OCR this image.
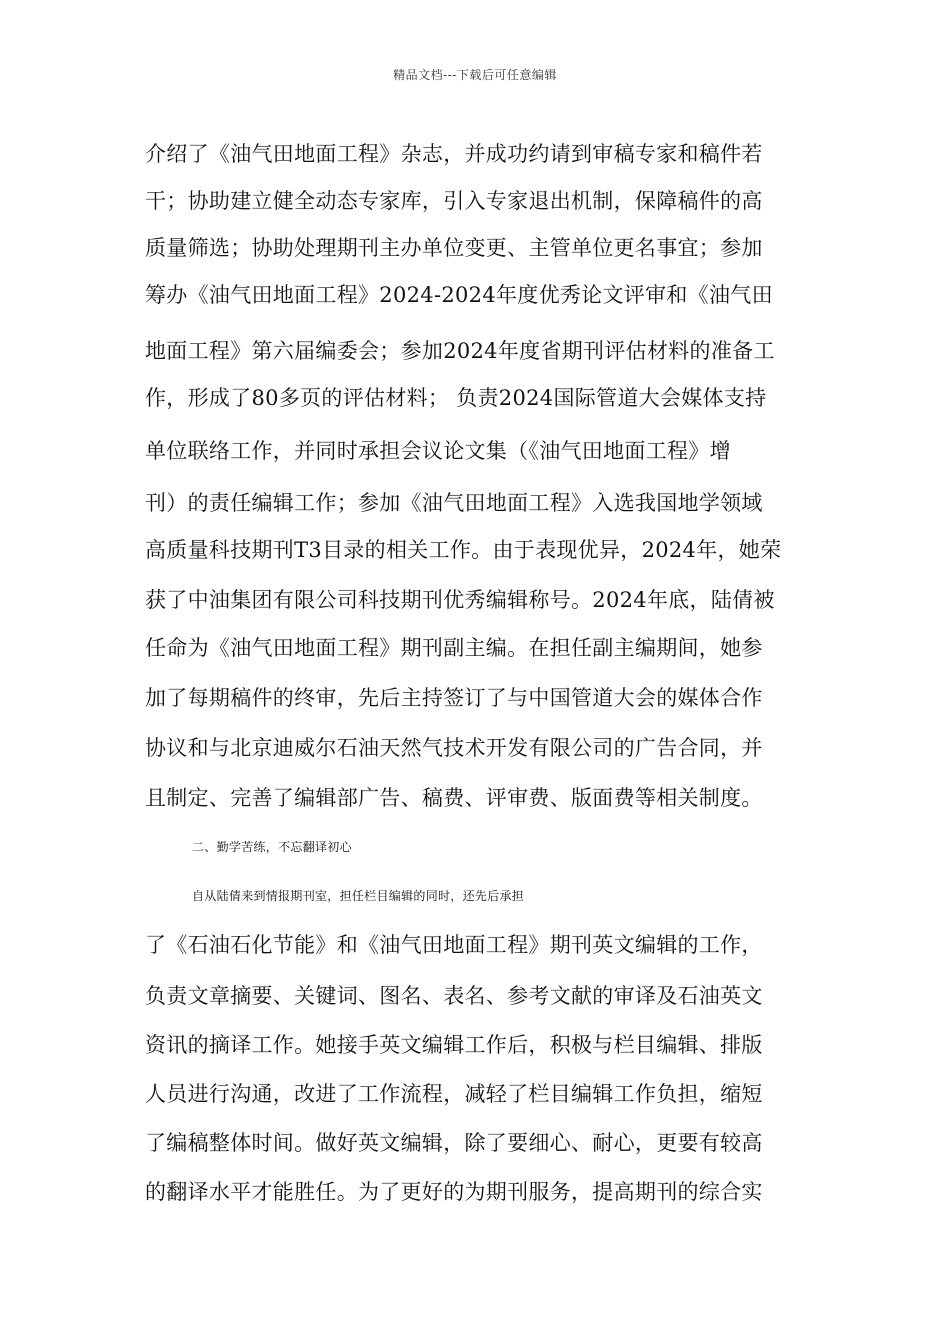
精品文档---下载后可任意编辑
介绍了《油气田地面工程》杂志，并成功约请到审稿专家和稿件若
干；协助建立健全动态专家库，引入专家退出机制，保障稿件的高
质量筛选；协助处理期刊主办单位变更、主管单位更名事宜；参加
筹办《油气田地面工程》2024-2024年度优秀论文评审和《油气田
地面工程》第六届编委会；参加2024年度省期刊评估材料的准备工
作，形成了80多页的评估材料； 负责2024国际管道大会媒体支持
单位联络工作，并同时承担会议论文集（《油气田地面工程》增
刊）的责任编辑工作；参加《油气田地面工程》入选我国地学领域
高质量科技期刊T3目录的相关工作。由于表现优异，2024年，她荣
获了中油集团有限公司科技期刊优秀编辑称号。2024年底，陆倩被
任命为《油气田地面工程》期刊副主编。在担任副主编期间，她参
加了每期稿件的终审，先后主持签订了与中国管道大会的媒体合作
协议和与北京迪威尔石油天然气技术开发有限公司的广告合同，并
且制定、完善了编辑部广告、稿费、评审费、版面费等相关制度。
二、勤学苦练，不忘翻译初心
自从陆倩来到情报期刊室，担任栏目编辑的同时，还先后承担
了《石油石化节能》和《油气田地面工程》期刊英文编辑的工作，
负责文章摘要、关键词、图名、表名、参考文献的审译及石油英文
资讯的摘译工作。她接手英文编辑工作后，积极与栏目编辑、排版
人员进行沟通，改进了工作流程，减轻了栏目编辑工作负担，缩短
了编稿整体时间。做好英文编辑，除了要细心、耐心，更要有较高
的翻译水平才能胜任。为了更好的为期刊服务，提高期刊的综合实
